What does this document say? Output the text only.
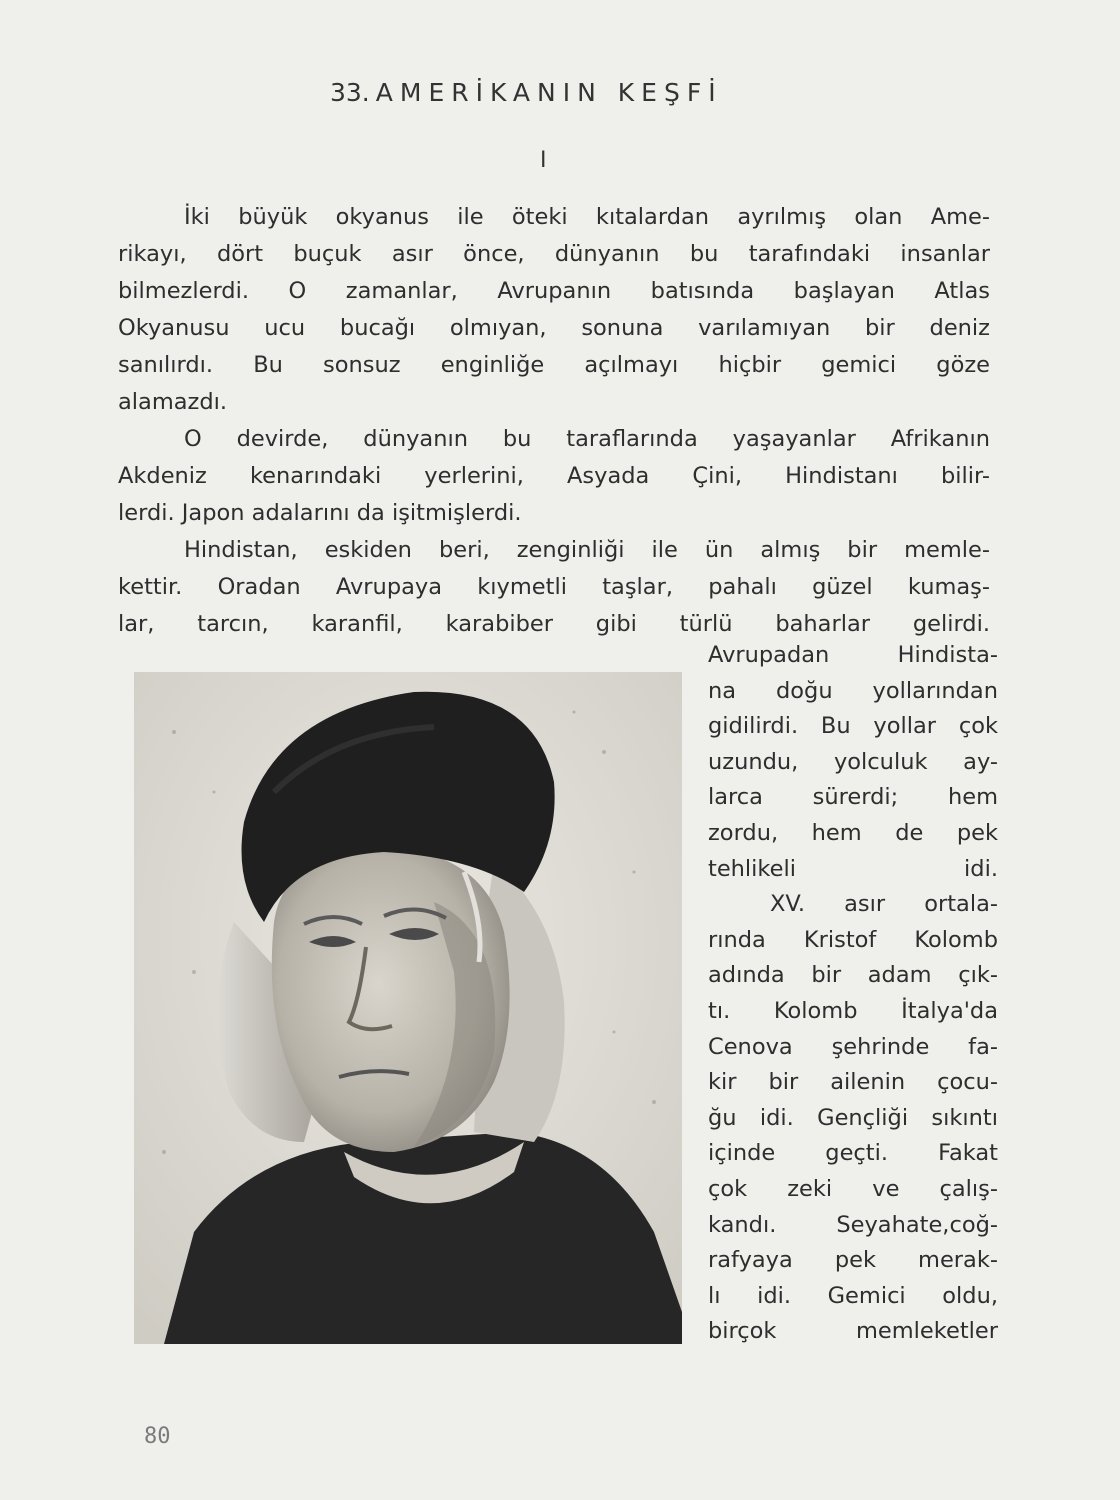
33. AMERİKANIN KEŞFİ
I
İki büyük okyanus ile öteki kıtalardan ayrılmış olan Ame-
rikayı, dört buçuk asır önce, dünyanın bu tarafındaki insanlar
bilmezlerdi. O zamanlar, Avrupanın batısında başlayan Atlas
Okyanusu ucu bucağı olmıyan, sonuna varılamıyan bir deniz
sanılırdı. Bu sonsuz enginliğe açılmayı hiçbir gemici göze
alamazdı.
O devirde, dünyanın bu taraflarında yaşayanlar Afrikanın
Akdeniz kenarındaki yerlerini, Asyada Çini, Hindistanı bilir-
lerdi. Japon adalarını da işitmişlerdi.
Hindistan, eskiden beri, zenginliği ile ün almış bir memle-
kettir. Oradan Avrupaya kıymetli taşlar, pahalı güzel kumaş-
lar, tarcın, karanfil, karabiber gibi türlü baharlar gelirdi.
Avrupadan Hindista-
na doğu yollarından
gidilirdi. Bu yollar çok
uzundu, yolculuk ay-
larca sürerdi; hem
zordu, hem de pek
tehlikeli idi.
XV. asır ortala-
rında Kristof Kolomb
adında bir adam çık-
tı. Kolomb İtalya'da
Cenova şehrinde fa-
kir bir ailenin çocu-
ğu idi. Gençliği sıkıntı
içinde geçti. Fakat
çok zeki ve çalış-
kandı. Seyahate,coğ-
rafyaya pek merak-
lı idi. Gemici oldu,
birçok memleketler
80
